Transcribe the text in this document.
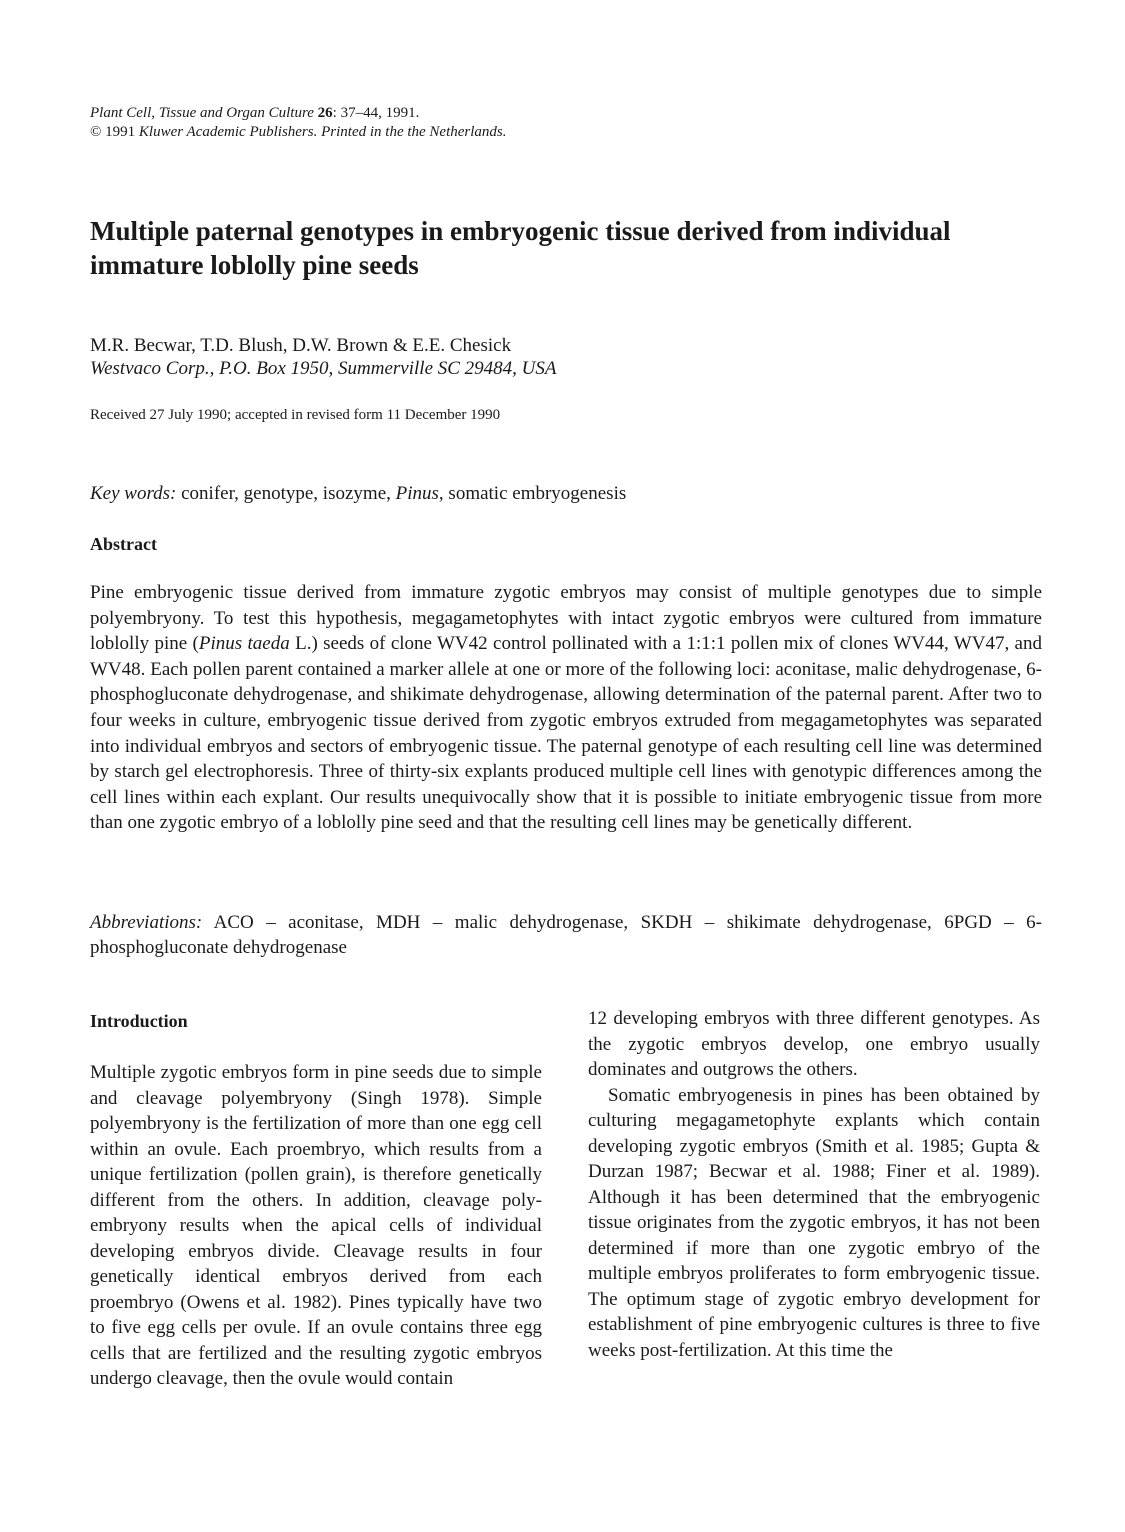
Plant Cell, Tissue and Organ Culture 26: 37–44, 1991.
© 1991 Kluwer Academic Publishers. Printed in the the Netherlands.
Multiple paternal genotypes in embryogenic tissue derived from individual immature loblolly pine seeds
M.R. Becwar, T.D. Blush, D.W. Brown & E.E. Chesick
Westvaco Corp., P.O. Box 1950, Summerville SC 29484, USA
Received 27 July 1990; accepted in revised form 11 December 1990
Key words: conifer, genotype, isozyme, Pinus, somatic embryogenesis
Abstract

Pine embryogenic tissue derived from immature zygotic embryos may consist of multiple genotypes due to simple polyembryony. To test this hypothesis, megagametophytes with intact zygotic embryos were cultured from immature loblolly pine (Pinus taeda L.) seeds of clone WV42 control pollinated with a 1:1:1 pollen mix of clones WV44, WV47, and WV48. Each pollen parent contained a marker allele at one or more of the following loci: aconitase, malic dehydrogenase, 6-phosphogluconate dehydrogenase, and shikimate dehydrogenase, allowing determination of the paternal parent. After two to four weeks in culture, embryogenic tissue derived from zygotic embryos extruded from megagametophytes was separated into individual embryos and sectors of embryogenic tissue. The paternal genotype of each resulting cell line was determined by starch gel electrophoresis. Three of thirty-six explants produced multiple cell lines with genotypic differences among the cell lines within each explant. Our results unequivocally show that it is possible to initiate embryogenic tissue from more than one zygotic embryo of a loblolly pine seed and that the resulting cell lines may be genetically different.

Abbreviations: ACO – aconitase, MDH – malic dehydrogenase, SKDH – shikimate dehydrogenase, 6PGD – 6-phosphogluconate dehydrogenase

Introduction

Multiple zygotic embryos form in pine seeds due to simple and cleavage polyembryony (Singh 1978). Simple polyembryony is the fertilization of more than one egg cell within an ovule. Each proembryo, which results from a unique fertilization (pollen grain), is therefore genetically different from the others. In addition, cleavage polyembryony results when the apical cells of individual developing embryos divide. Cleavage results in four genetically identical embryos derived from each proembryo (Owens et al. 1982). Pines typically have two to five egg cells per ovule. If an ovule contains three egg cells that are fertilized and the resulting zygotic embryos undergo cleavage, then the ovule would contain

12 developing embryos with three different genotypes. As the zygotic embryos develop, one embryo usually dominates and outgrows the others.

Somatic embryogenesis in pines has been obtained by culturing megagametophyte explants which contain developing zygotic embryos (Smith et al. 1985; Gupta & Durzan 1987; Becwar et al. 1988; Finer et al. 1989). Although it has been determined that the embryogenic tissue originates from the zygotic embryos, it has not been determined if more than one zygotic embryo of the multiple embryos proliferates to form embryogenic tissue. The optimum stage of zygotic embryo development for establishment of pine embryogenic cultures is three to five weeks post-fertilization. At this time the
